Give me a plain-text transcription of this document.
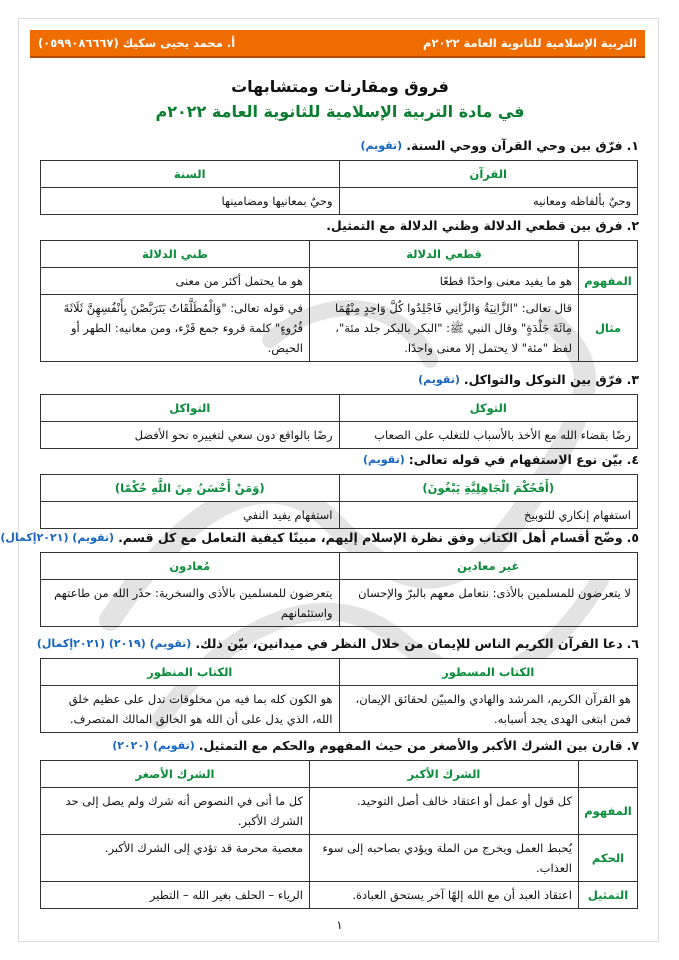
التربية الإسلامية للثانوية العامة ٢٠٢٢م
أ. محمد يحيى سكيك (٠٥٩٩٠٨٦٦٦٧)
فروق ومقارنات ومتشابهات
في مادة التربية الإسلامية للثانوية العامة ٢٠٢٢م
١.
فرّق بين وحي القرآن ووحي السنة.
(تقويم)
القرآن	السنة
وحيٌ بألفاظه ومعانيه	وحيٌ بمعانيها ومضامينها
٢.
فرق بين قطعي الدلالة وظني الدلالة مع التمثيل.
	قطعي الدلالة	ظني الدلالة
المفهوم	هو ما يفيد معنى واحدًا قطعًا	هو ما يحتمل أكثر من معنى
مثال	قال تعالى: "الزَّانِيَةُ وَالزَّانِي فَاجْلِدُوا كُلَّ وَاحِدٍ مِنْهُمَا مِائَةَ جَلْدَةٍ" وقال النبي ﷺ: "البكر بالبكر جلد مئة"، لفظ "مئة" لا يحتمل إلا معنى واحدًا.	في قوله تعالى: "وَالْمُطَلَّقَاتُ يَتَرَبَّصْنَ بِأَنْفُسِهِنَّ ثَلَاثَةَ قُرُوءٍ" كلمة قروء جمع قَرْء، ومن معانيه: الطهر أو الحيض.
٣.
فرّق بين التوكل والتواكل.
(تقويم)
التوكل	التواكل
رضًا بقضاء الله مع الأخذ بالأسباب للتغلب على الصعاب	رضًا بالواقع دون سعي لتغييره نحو الأفضل
٤.
بيّن نوع الاستفهام في قوله تعالى:
(تقويم)
(أَفَحُكْمَ الْجَاهِلِيَّةِ يَبْغُونَ)	(وَمَنْ أَحْسَنُ مِنَ اللَّهِ حُكْمًا)
استفهام إنكاري للتوبيخ	استفهام يفيد النفي
٥.
وضّح أقسام أهل الكتاب وفق نظرة الإسلام إليهم، مبينًا كيفية التعامل مع كل قسم.
(تقويم) (٢٠٢١إكمال)
غير معادين	مُعادون
لا يتعرضون للمسلمين بالأذى: نتعامل معهم بالبرّ والإحسان	يتعرضون للمسلمين بالأذى والسخرية: حذَر الله من طاعتهم واستئمانهم
٦.
دعا القرآن الكريم الناس للإيمان من خلال النظر في ميدانين، بيّن ذلك.
(تقويم) (٢٠١٩) (٢٠٢١إكمال)
الكتاب المسطور	الكتاب المنظور
هو القرآن الكريم، المرشد والهادي والمبيّن لحقائق الإيمان، فمن ابتغى الهدى يجد أسبابه.	هو الكون كله بما فيه من مخلوقات تدل على عظيم خلق الله، الذي يدل على أن الله هو الخالق المالك المتصرف.
٧.
قارن بين الشرك الأكبر والأصغر من حيث المفهوم والحكم مع التمثيل.
(تقويم) (٢٠٢٠)
	الشرك الأكبر	الشرك الأصغر
المفهوم	كل قول أو عمل أو اعتقاد خالف أصل التوحيد.	كل ما أتى في النصوص أنه شرك ولم يصل إلى حد الشرك الأكبر.
الحكم	يُحبط العمل ويخرج من الملة ويؤدي بصاحبه إلى سوء العذاب.	معصية محرمة قد تؤدي إلى الشرك الأكبر.
التمثيل	اعتقاد العبد أن مع الله إلهًا آخر يستحق العبادة.	الرياء – الحلف بغير الله – التطير
١
